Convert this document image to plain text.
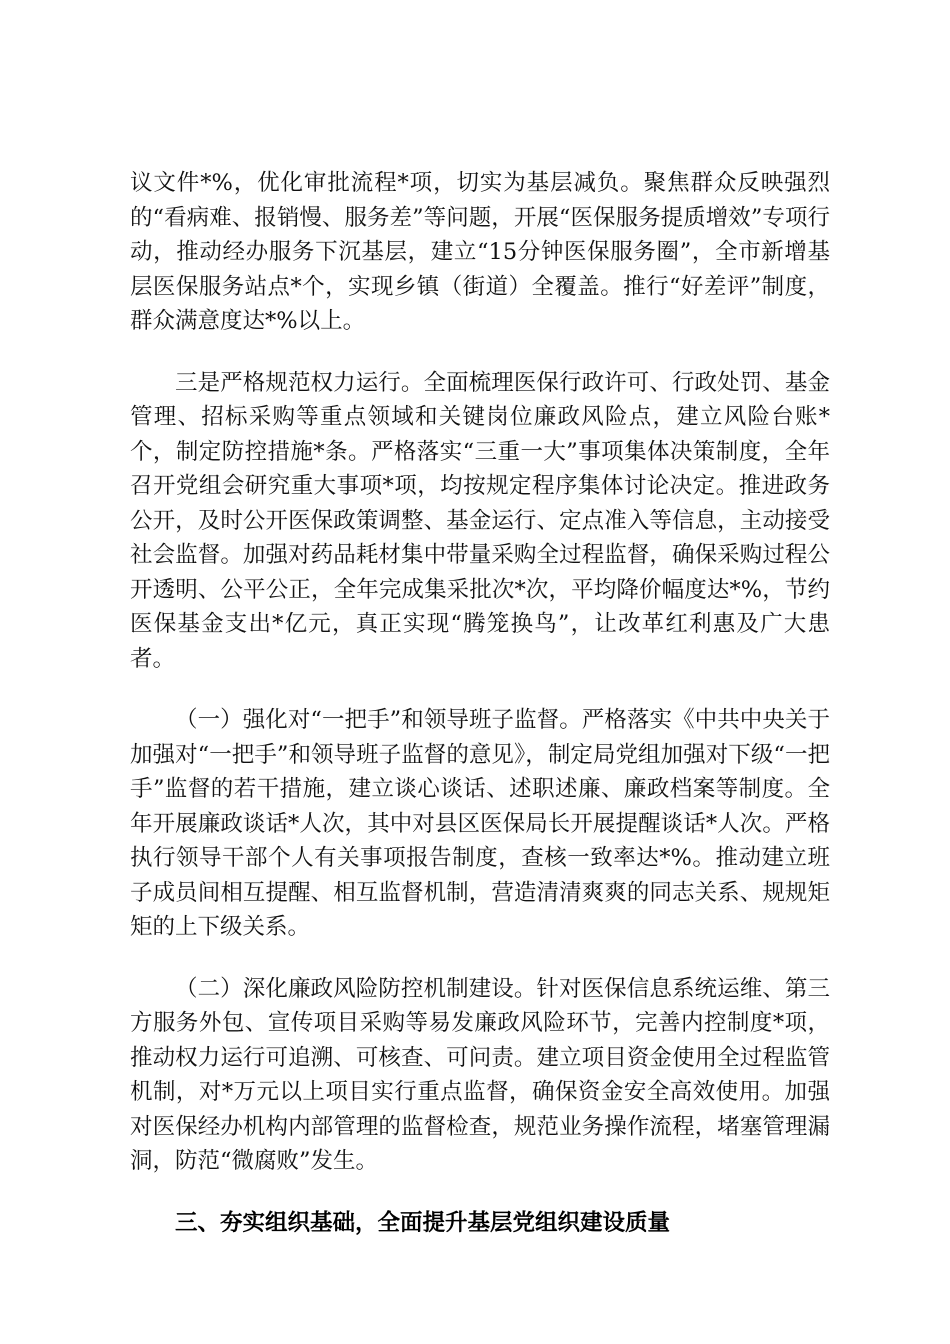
议文件*%，优化审批流程*项，切实为基层减负。聚焦群众反映强烈的“看病难、报销慢、服务差”等问题，开展“医保服务提质增效”专项行动，推动经办服务下沉基层，建立“15分钟医保服务圈”，全市新增基层医保服务站点*个，实现乡镇（街道）全覆盖。推行“好差评”制度，群众满意度达*%以上。

三是严格规范权力运行。全面梳理医保行政许可、行政处罚、基金管理、招标采购等重点领域和关键岗位廉政风险点，建立风险台账*个，制定防控措施*条。严格落实“三重一大”事项集体决策制度，全年召开党组会研究重大事项*项，均按规定程序集体讨论决定。推进政务公开，及时公开医保政策调整、基金运行、定点准入等信息，主动接受社会监督。加强对药品耗材集中带量采购全过程监督，确保采购过程公开透明、公平公正，全年完成集采批次*次，平均降价幅度达*%，节约医保基金支出*亿元，真正实现“腾笼换鸟”，让改革红利惠及广大患者。

（一）强化对“一把手”和领导班子监督。严格落实《中共中央关于加强对“一把手”和领导班子监督的意见》，制定局党组加强对下级“一把手”监督的若干措施，建立谈心谈话、述职述廉、廉政档案等制度。全年开展廉政谈话*人次，其中对县区医保局长开展提醒谈话*人次。严格执行领导干部个人有关事项报告制度，查核一致率达*%。推动建立班子成员间相互提醒、相互监督机制，营造清清爽爽的同志关系、规规矩矩的上下级关系。

（二）深化廉政风险防控机制建设。针对医保信息系统运维、第三方服务外包、宣传项目采购等易发廉政风险环节，完善内控制度*项，推动权力运行可追溯、可核查、可问责。建立项目资金使用全过程监管机制，对*万元以上项目实行重点监督，确保资金安全高效使用。加强对医保经办机构内部管理的监督检查，规范业务操作流程，堵塞管理漏洞，防范“微腐败”发生。

三、夯实组织基础，全面提升基层党组织建设质量
